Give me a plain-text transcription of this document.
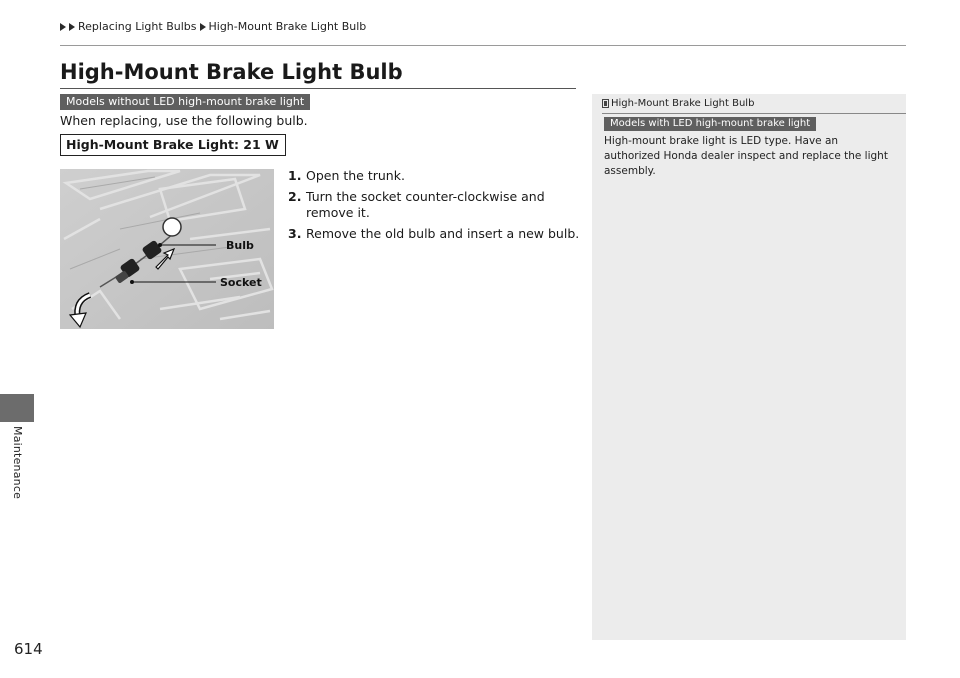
Replacing Light Bulbs High-Mount Brake Light Bulb
Maintenance
614
High-Mount Brake Light Bulb
Models without LED high-mount brake light
When replacing, use the following bulb.
High-Mount Brake Light: 21 W
Bulb
Socket
1. Open the trunk.
2. Turn the socket counter-clockwise and remove it.
3. Remove the old bulb and insert a new bulb.
High-Mount Brake Light Bulb
Models with LED high-mount brake light
High-mount brake light is LED type. Have an authorized Honda dealer inspect and replace the light assembly.
